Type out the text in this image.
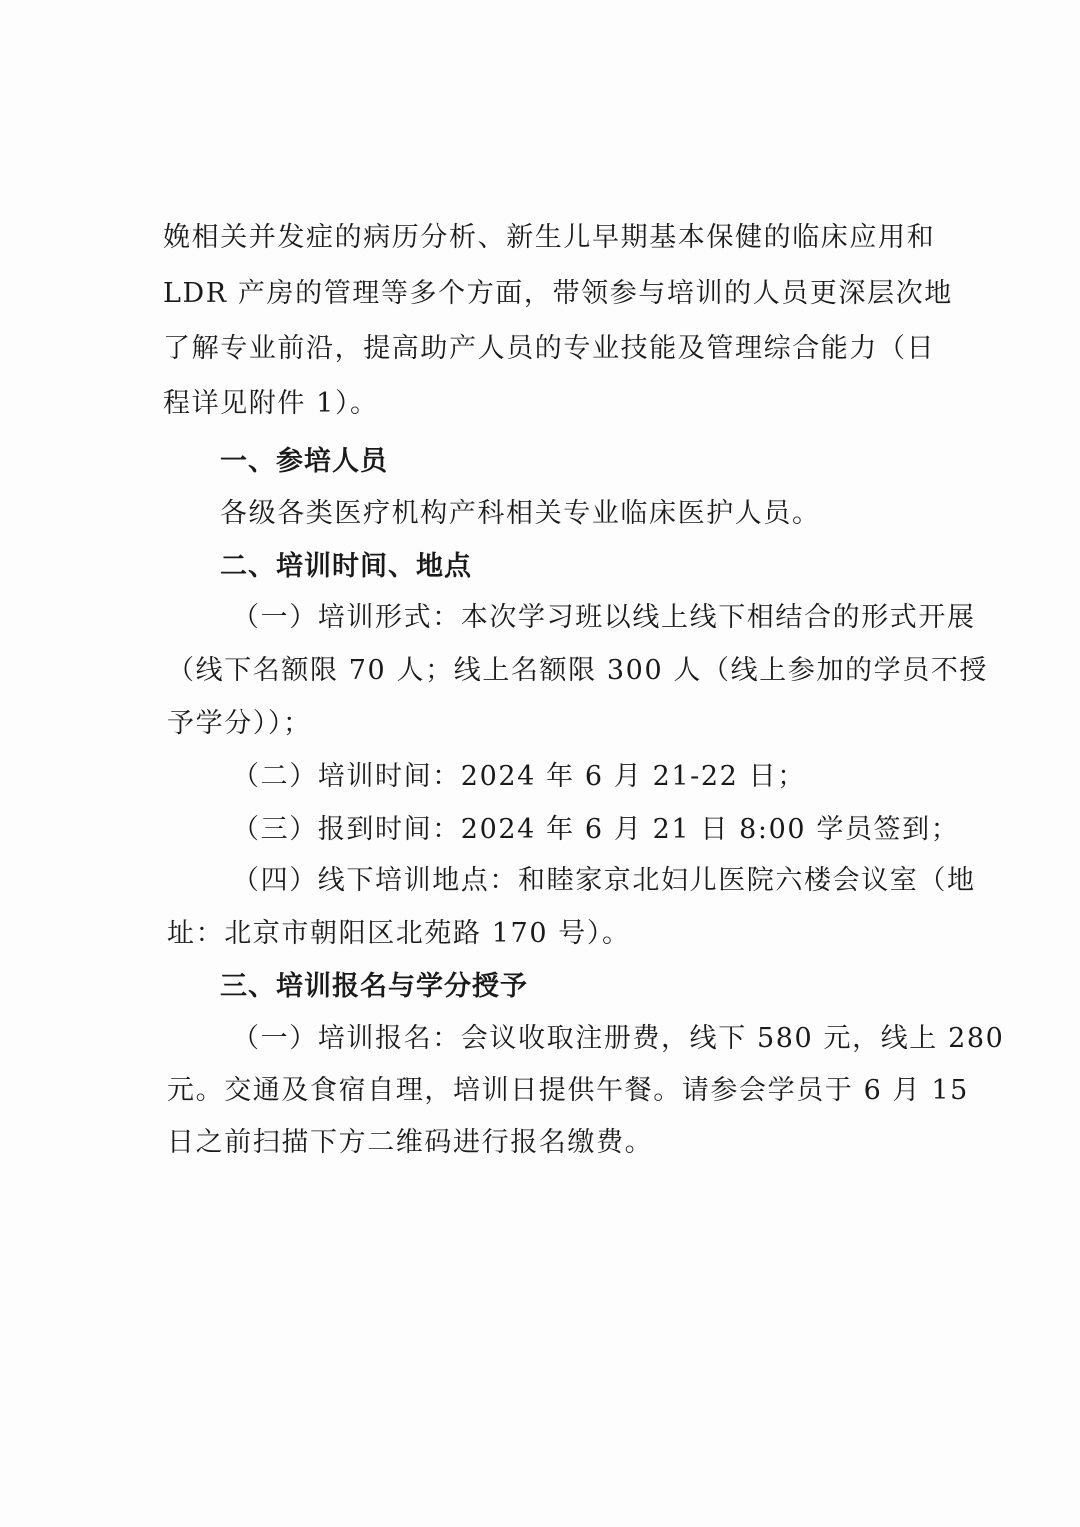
娩相关并发症的病历分析、新生儿早期基本保健的临床应用和
LDR 产房的管理等多个方面，带领参与培训的人员更深层次地
了解专业前沿，提高助产人员的专业技能及管理综合能力（日
程详见附件 1）。
一、参培人员
各级各类医疗机构产科相关专业临床医护人员。
二、培训时间、地点
（一）培训形式：本次学习班以线上线下相结合的形式开展
（线下名额限 70 人；线上名额限 300 人（线上参加的学员不授
予学分））；
（二）培训时间：2024 年 6 月 21-22 日；
（三）报到时间：2024 年 6 月 21 日 8:00 学员签到；
（四）线下培训地点：和睦家京北妇儿医院六楼会议室（地
址：北京市朝阳区北苑路 170 号）。
三、培训报名与学分授予
（一）培训报名：会议收取注册费，线下 580 元，线上 280
元。交通及食宿自理，培训日提供午餐。请参会学员于 6 月 15
日之前扫描下方二维码进行报名缴费。
